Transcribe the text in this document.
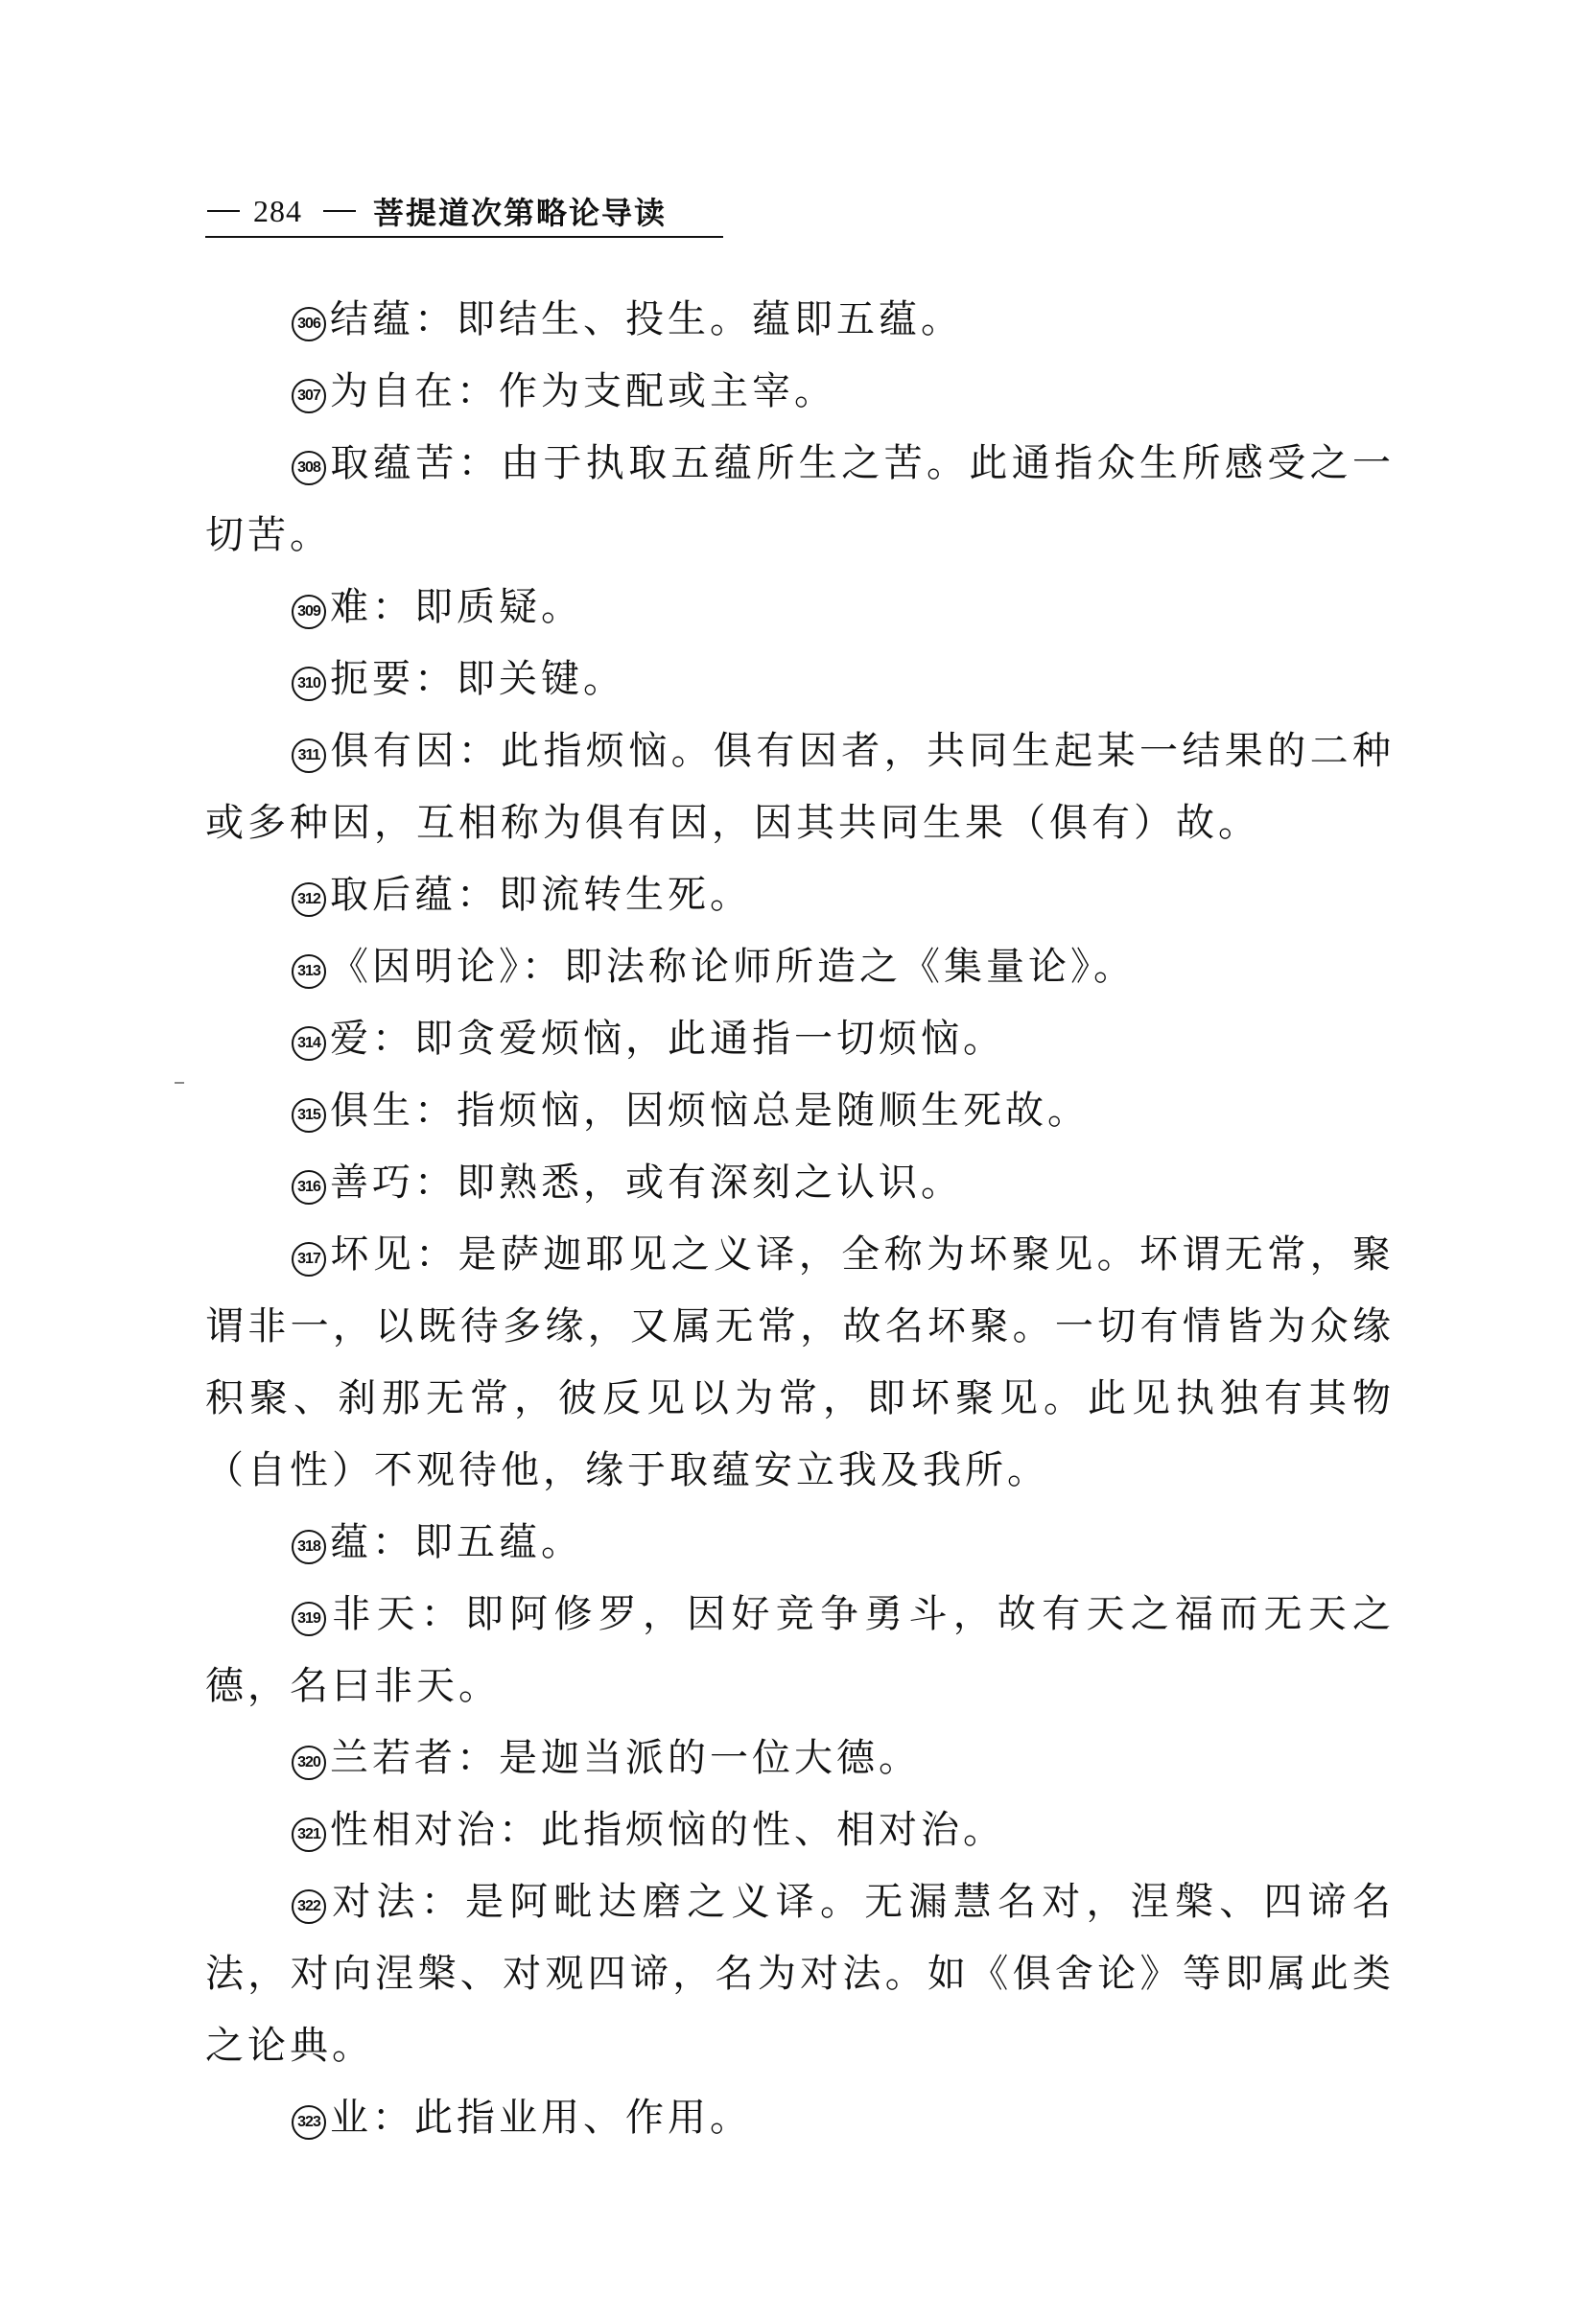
284 菩提道次第略论导读

306 结蕴：即结生、投生。蕴即五蕴。

307 为自在：作为支配或主宰。

308 取蕴苦：由于执取五蕴所生之苦。此通指众生所感受之一切苦。

309 难：即质疑。

310 扼要：即关键。

311 俱有因：此指烦恼。俱有因者，共同生起某一结果的二种或多种因，互相称为俱有因，因其共同生果（俱有）故。

312 取后蕴：即流转生死。

313 《因明论》：即法称论师所造之《集量论》。

314 爱：即贪爱烦恼，此通指一切烦恼。

315 俱生：指烦恼，因烦恼总是随顺生死故。

316 善巧：即熟悉，或有深刻之认识。

317 坏见：是萨迦耶见之义译，全称为坏聚见。坏谓无常，聚谓非一，以既待多缘，又属无常，故名坏聚。一切有情皆为众缘积聚、刹那无常，彼反见以为常，即坏聚见。此见执独有其物（自性）不观待他，缘于取蕴安立我及我所。

318 蕴：即五蕴。

319 非天：即阿修罗，因好竞争勇斗，故有天之福而无天之德，名曰非天。

320 兰若者：是迦当派的一位大德。

321 性相对治：此指烦恼的性、相对治。

322 对法：是阿毗达磨之义译。无漏慧名对，涅槃、四谛名法，对向涅槃、对观四谛，名为对法。如《俱舍论》等即属此类之论典。

323 业：此指业用、作用。
